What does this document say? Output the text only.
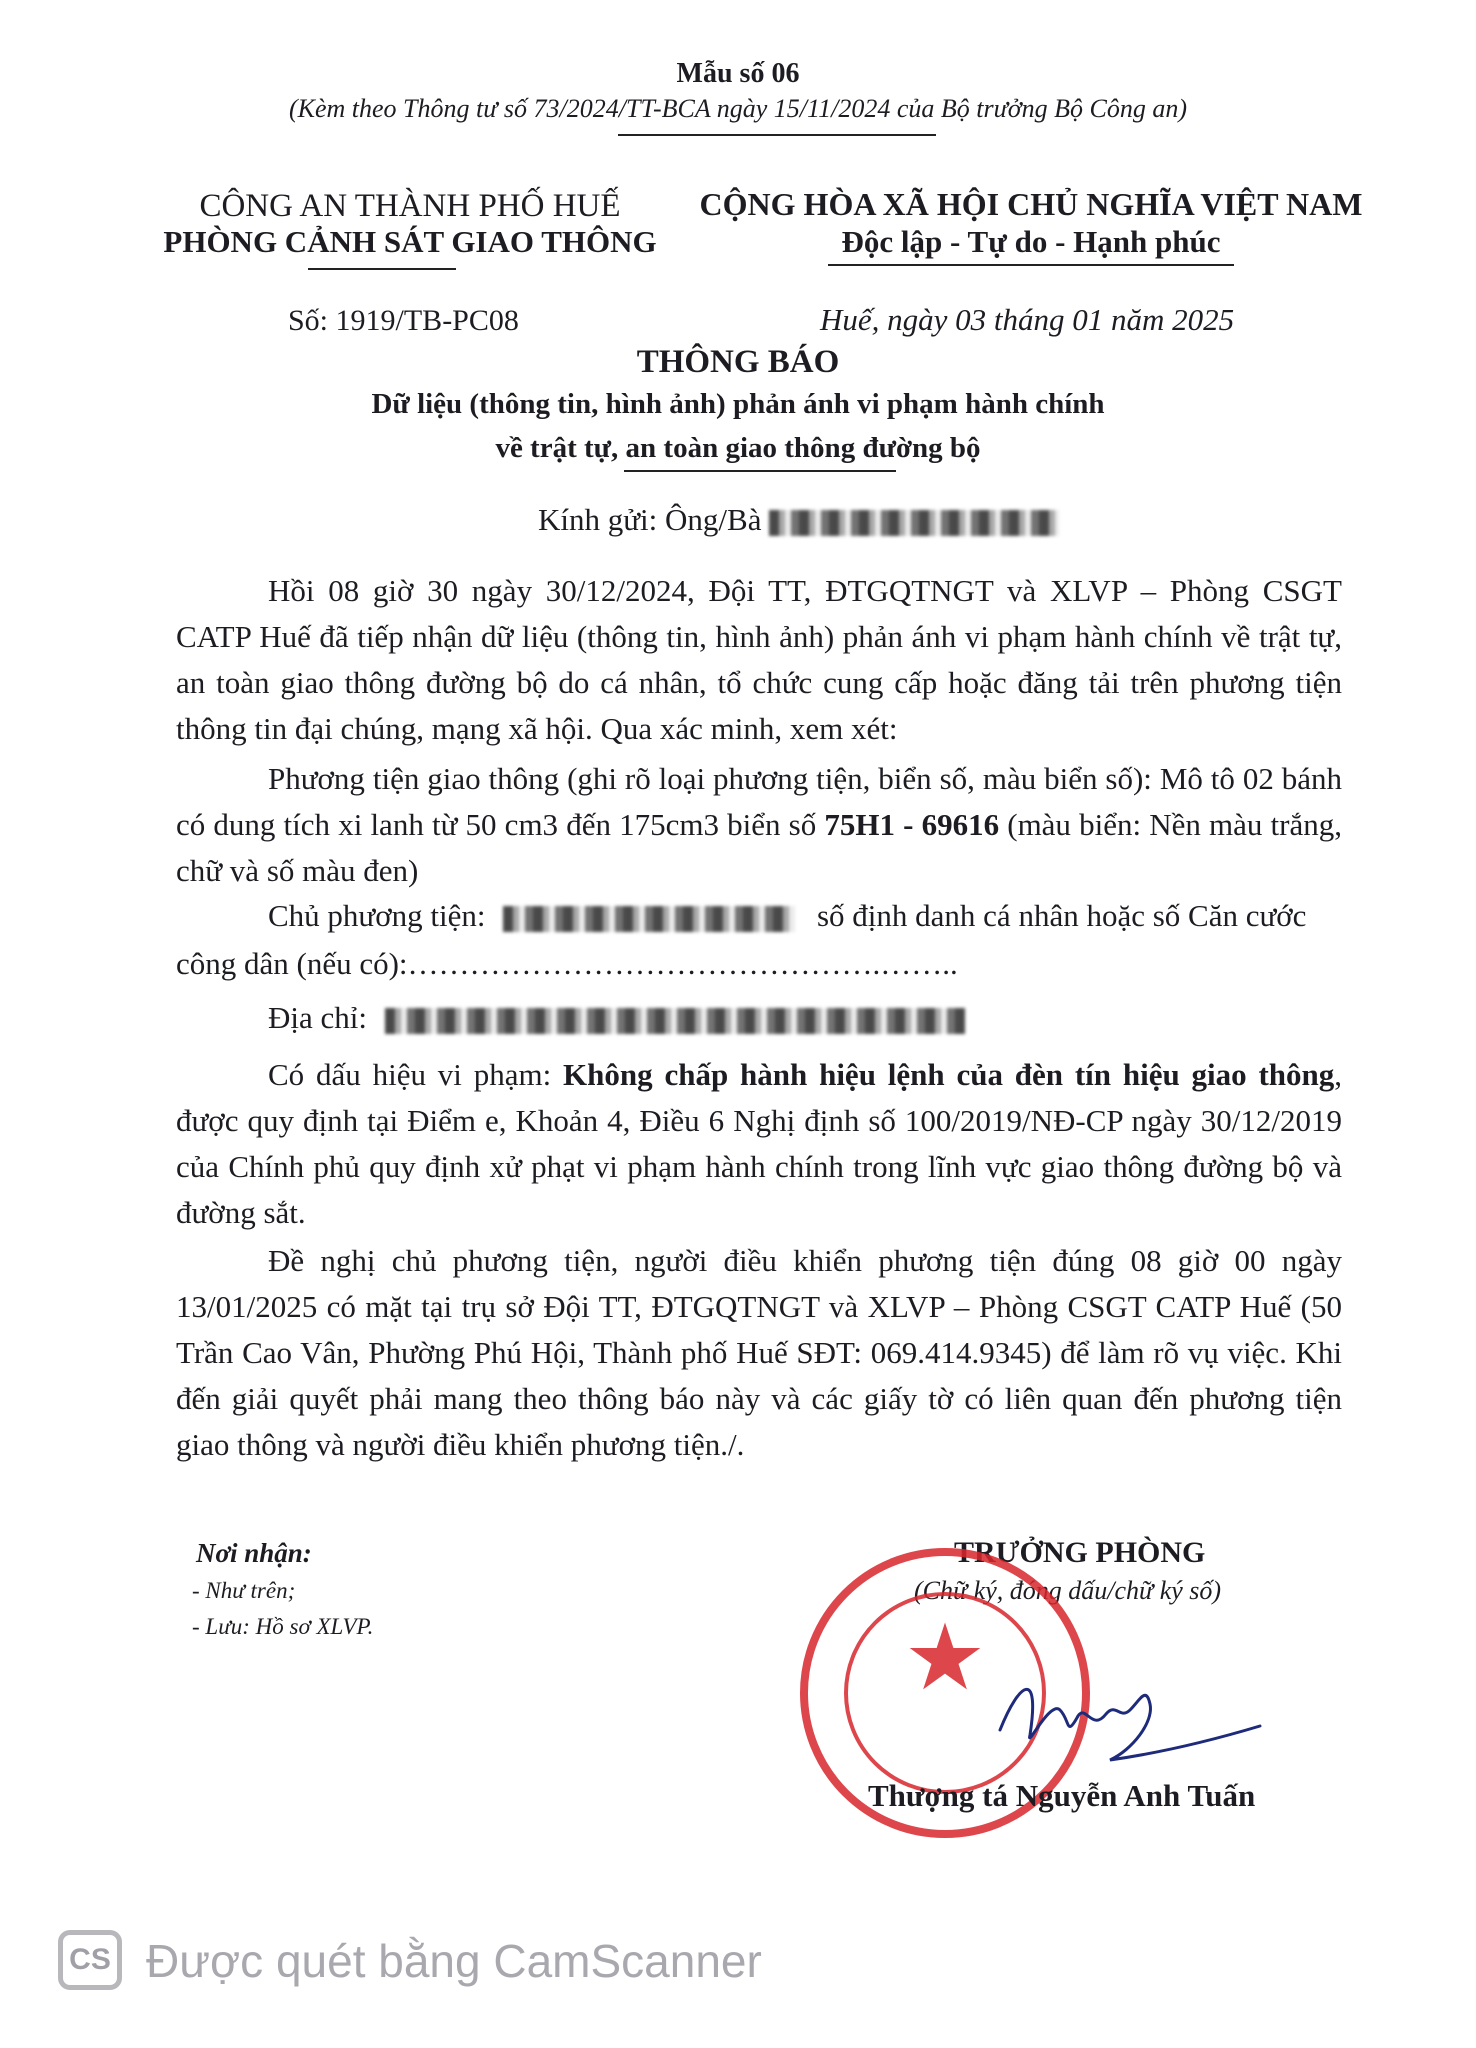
Mẫu số 06
(Kèm theo Thông tư số 73/2024/TT-BCA ngày 15/11/2024 của Bộ trưởng Bộ Công an)
CÔNG AN THÀNH PHỐ HUẾ
PHÒNG CẢNH SÁT GIAO THÔNG
CỘNG HÒA XÃ HỘI CHỦ NGHĨA VIỆT NAM
Độc lập - Tự do - Hạnh phúc
Số: 1919/TB-PC08	Huế, ngày 03 tháng 01 năm 2025
THÔNG BÁO
Dữ liệu (thông tin, hình ảnh) phản ánh vi phạm hành chính
về trật tự, an toàn giao thông đường bộ
Kính gửi: Ông/Bà
Hồi 08 giờ 30 ngày 30/12/2024, Đội TT, ĐTGQTNGT và XLVP – Phòng CSGT CATP Huế đã tiếp nhận dữ liệu (thông tin, hình ảnh) phản ánh vi phạm hành chính về trật tự, an toàn giao thông đường bộ do cá nhân, tổ chức cung cấp hoặc đăng tải trên phương tiện thông tin đại chúng, mạng xã hội. Qua xác minh, xem xét:
Phương tiện giao thông (ghi rõ loại phương tiện, biển số, màu biển số): Mô tô 02 bánh có dung tích xi lanh từ 50 cm3 đến 175cm3 biển số 75H1 - 69616 (màu biển: Nền màu trắng, chữ và số màu đen)
Chủ phương tiện:	số định danh cá nhân hoặc số Căn cước
công dân (nếu có):……………………………………….……..
Địa chỉ:
Có dấu hiệu vi phạm: Không chấp hành hiệu lệnh của đèn tín hiệu giao thông, được quy định tại Điểm e, Khoản 4, Điều 6 Nghị định số 100/2019/NĐ-CP ngày 30/12/2019 của Chính phủ quy định xử phạt vi phạm hành chính trong lĩnh vực giao thông đường bộ và đường sắt.
Đề nghị chủ phương tiện, người điều khiển phương tiện đúng 08 giờ 00 ngày 13/01/2025 có mặt tại trụ sở Đội TT, ĐTGQTNGT và XLVP – Phòng CSGT CATP Huế (50 Trần Cao Vân, Phường Phú Hội, Thành phố Huế SĐT: 069.414.9345) để làm rõ vụ việc. Khi đến giải quyết phải mang theo thông báo này và các giấy tờ có liên quan đến phương tiện giao thông và người điều khiển phương tiện./.
Nơi nhận:
- Như trên;
- Lưu: Hồ sơ XLVP.
TRƯỞNG PHÒNG
(Chữ ký, đóng dấu/chữ ký số)
★
Thượng tá Nguyễn Anh Tuấn
CS Được quét bằng CamScanner
